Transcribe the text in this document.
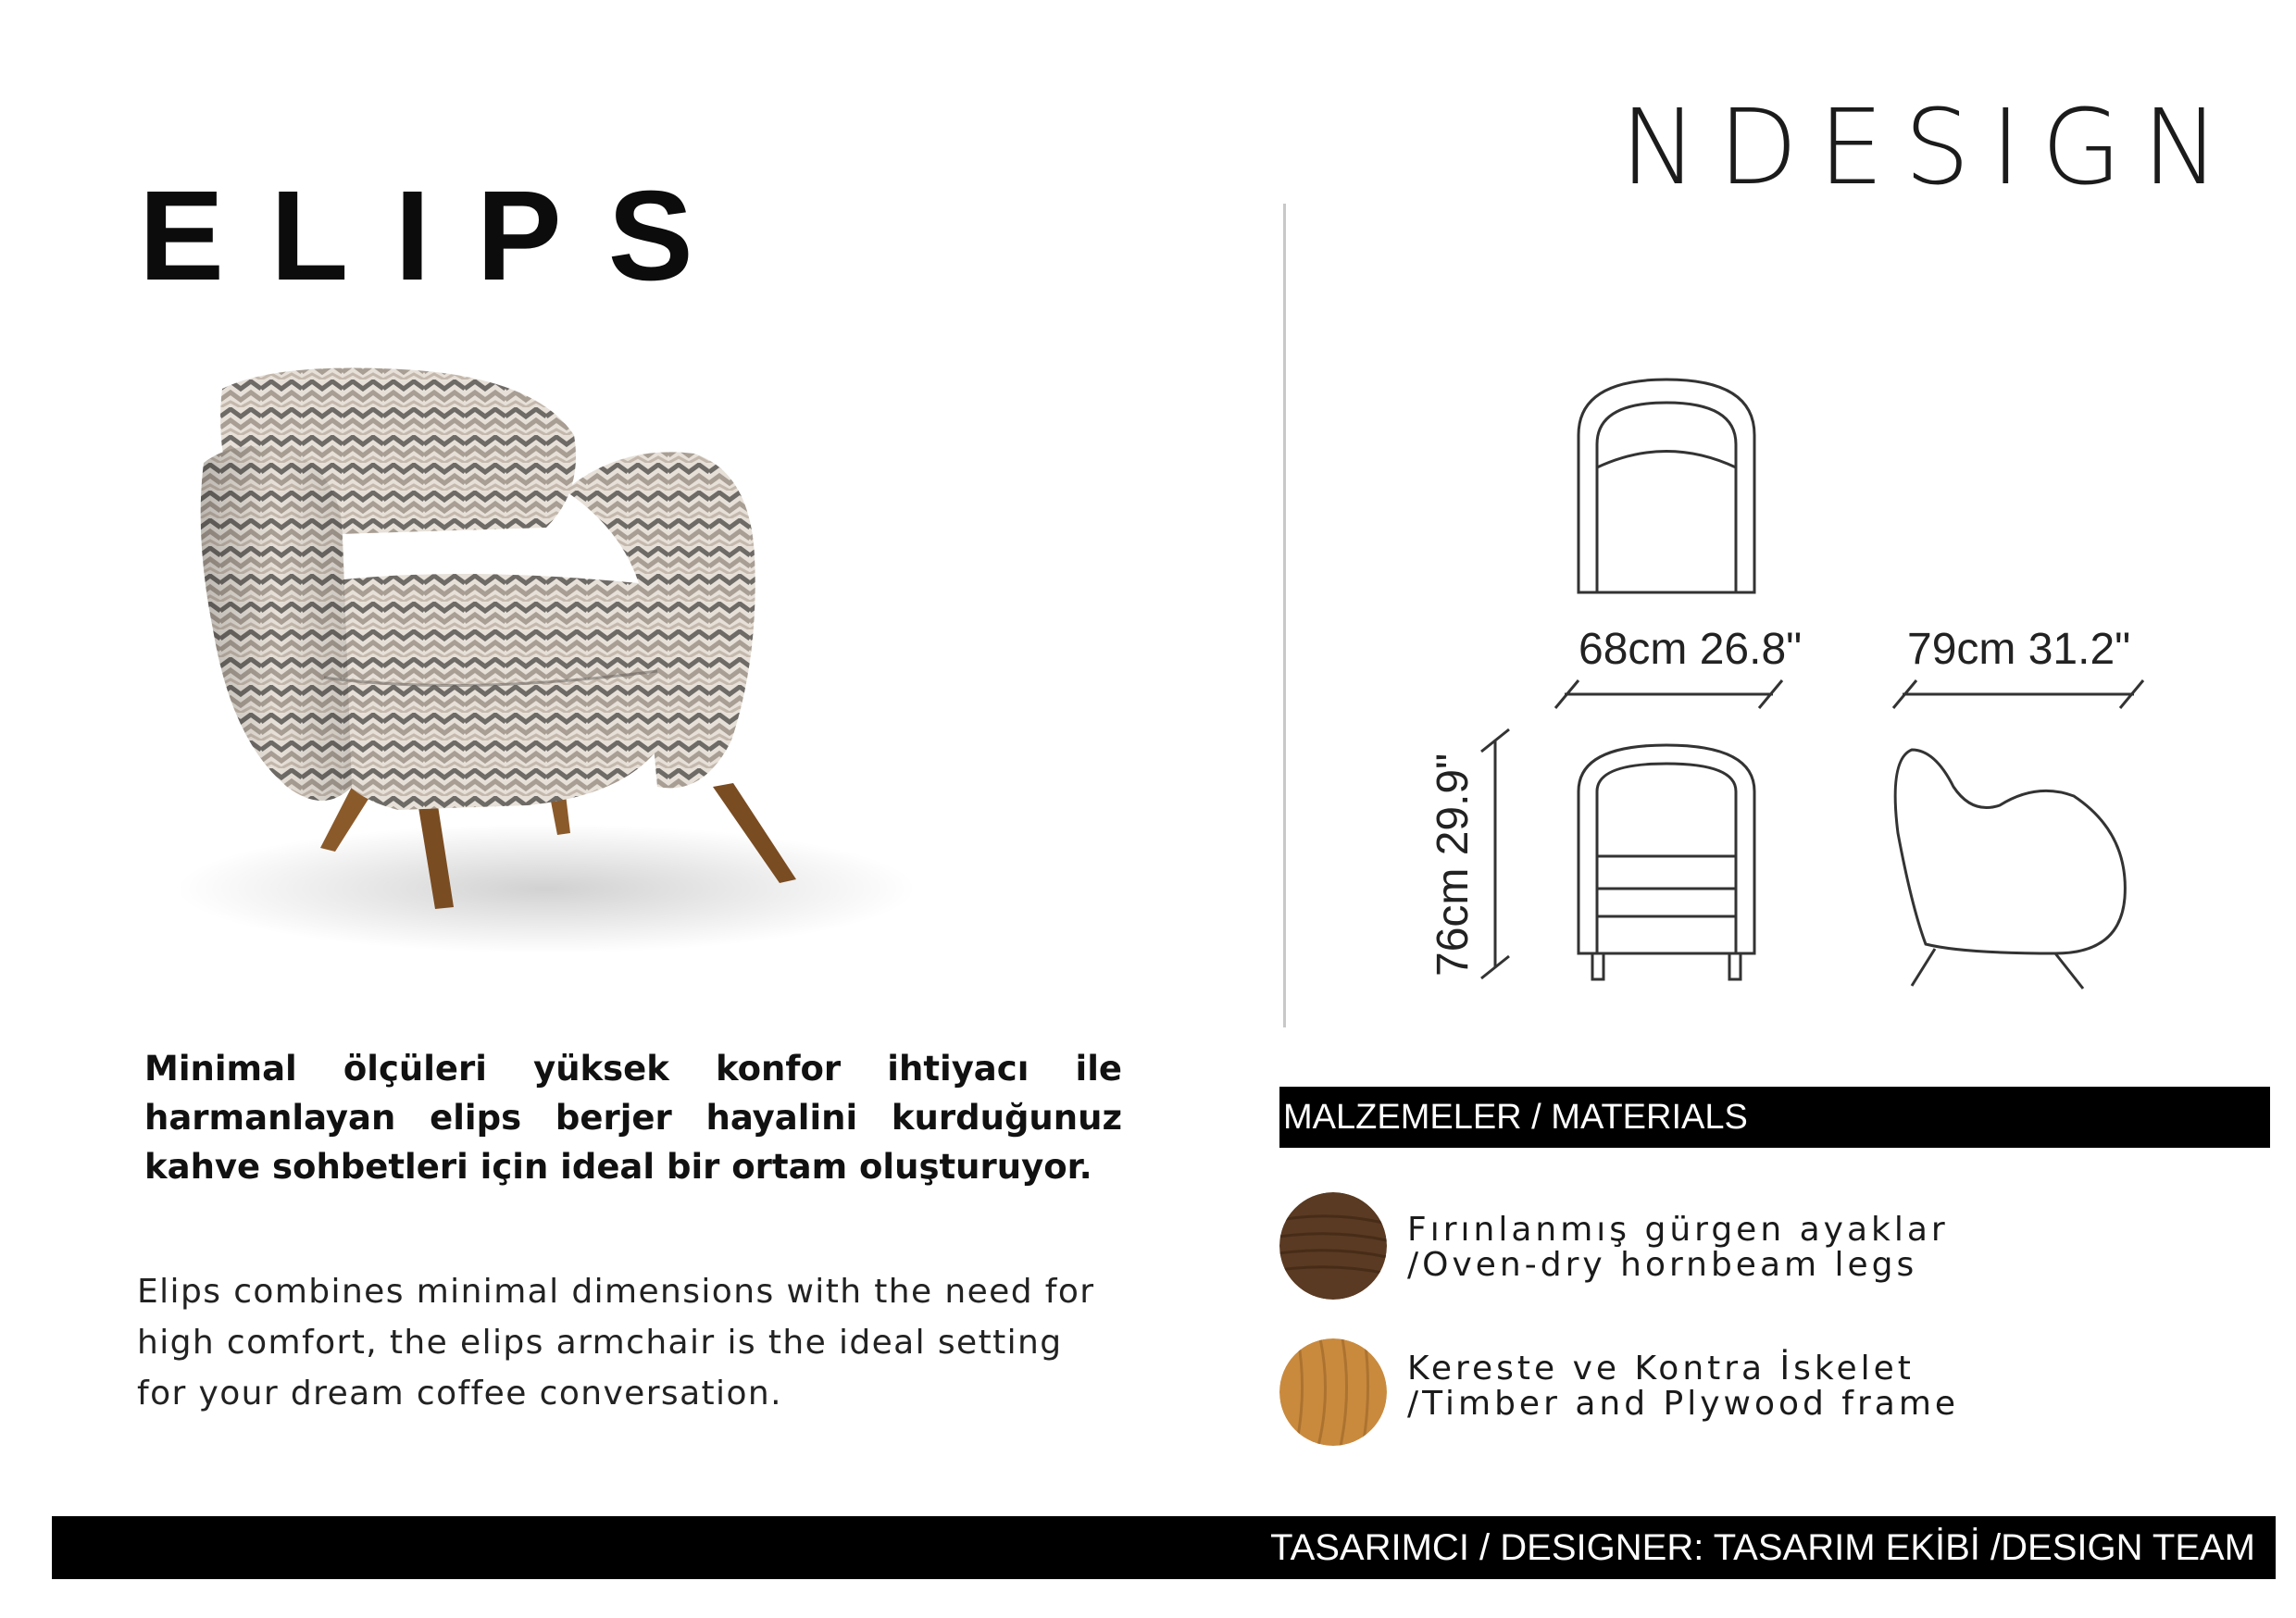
NDESIGN
ELIPS
68cm 26.8" 79cm 31.2"
76cm 29.9"
Minimal ölçüleri yüksek konfor ihtiyacı ile harmanlayan elips berjer hayalini kurduğunuz kahve sohbetleri için ideal bir ortam oluşturuyor.
Elips combines minimal dimensions with the need for high comfort, the elips armchair is the ideal setting for your dream coffee conversation.
MALZEMELER / MATERIALS
Fırınlanmış gürgen ayaklar
/Oven-dry hornbeam legs
Kereste ve Kontra İskelet
/Timber and Plywood frame
TASARIMCI / DESIGNER: TASARIM EKİBİ /DESIGN TEAM
